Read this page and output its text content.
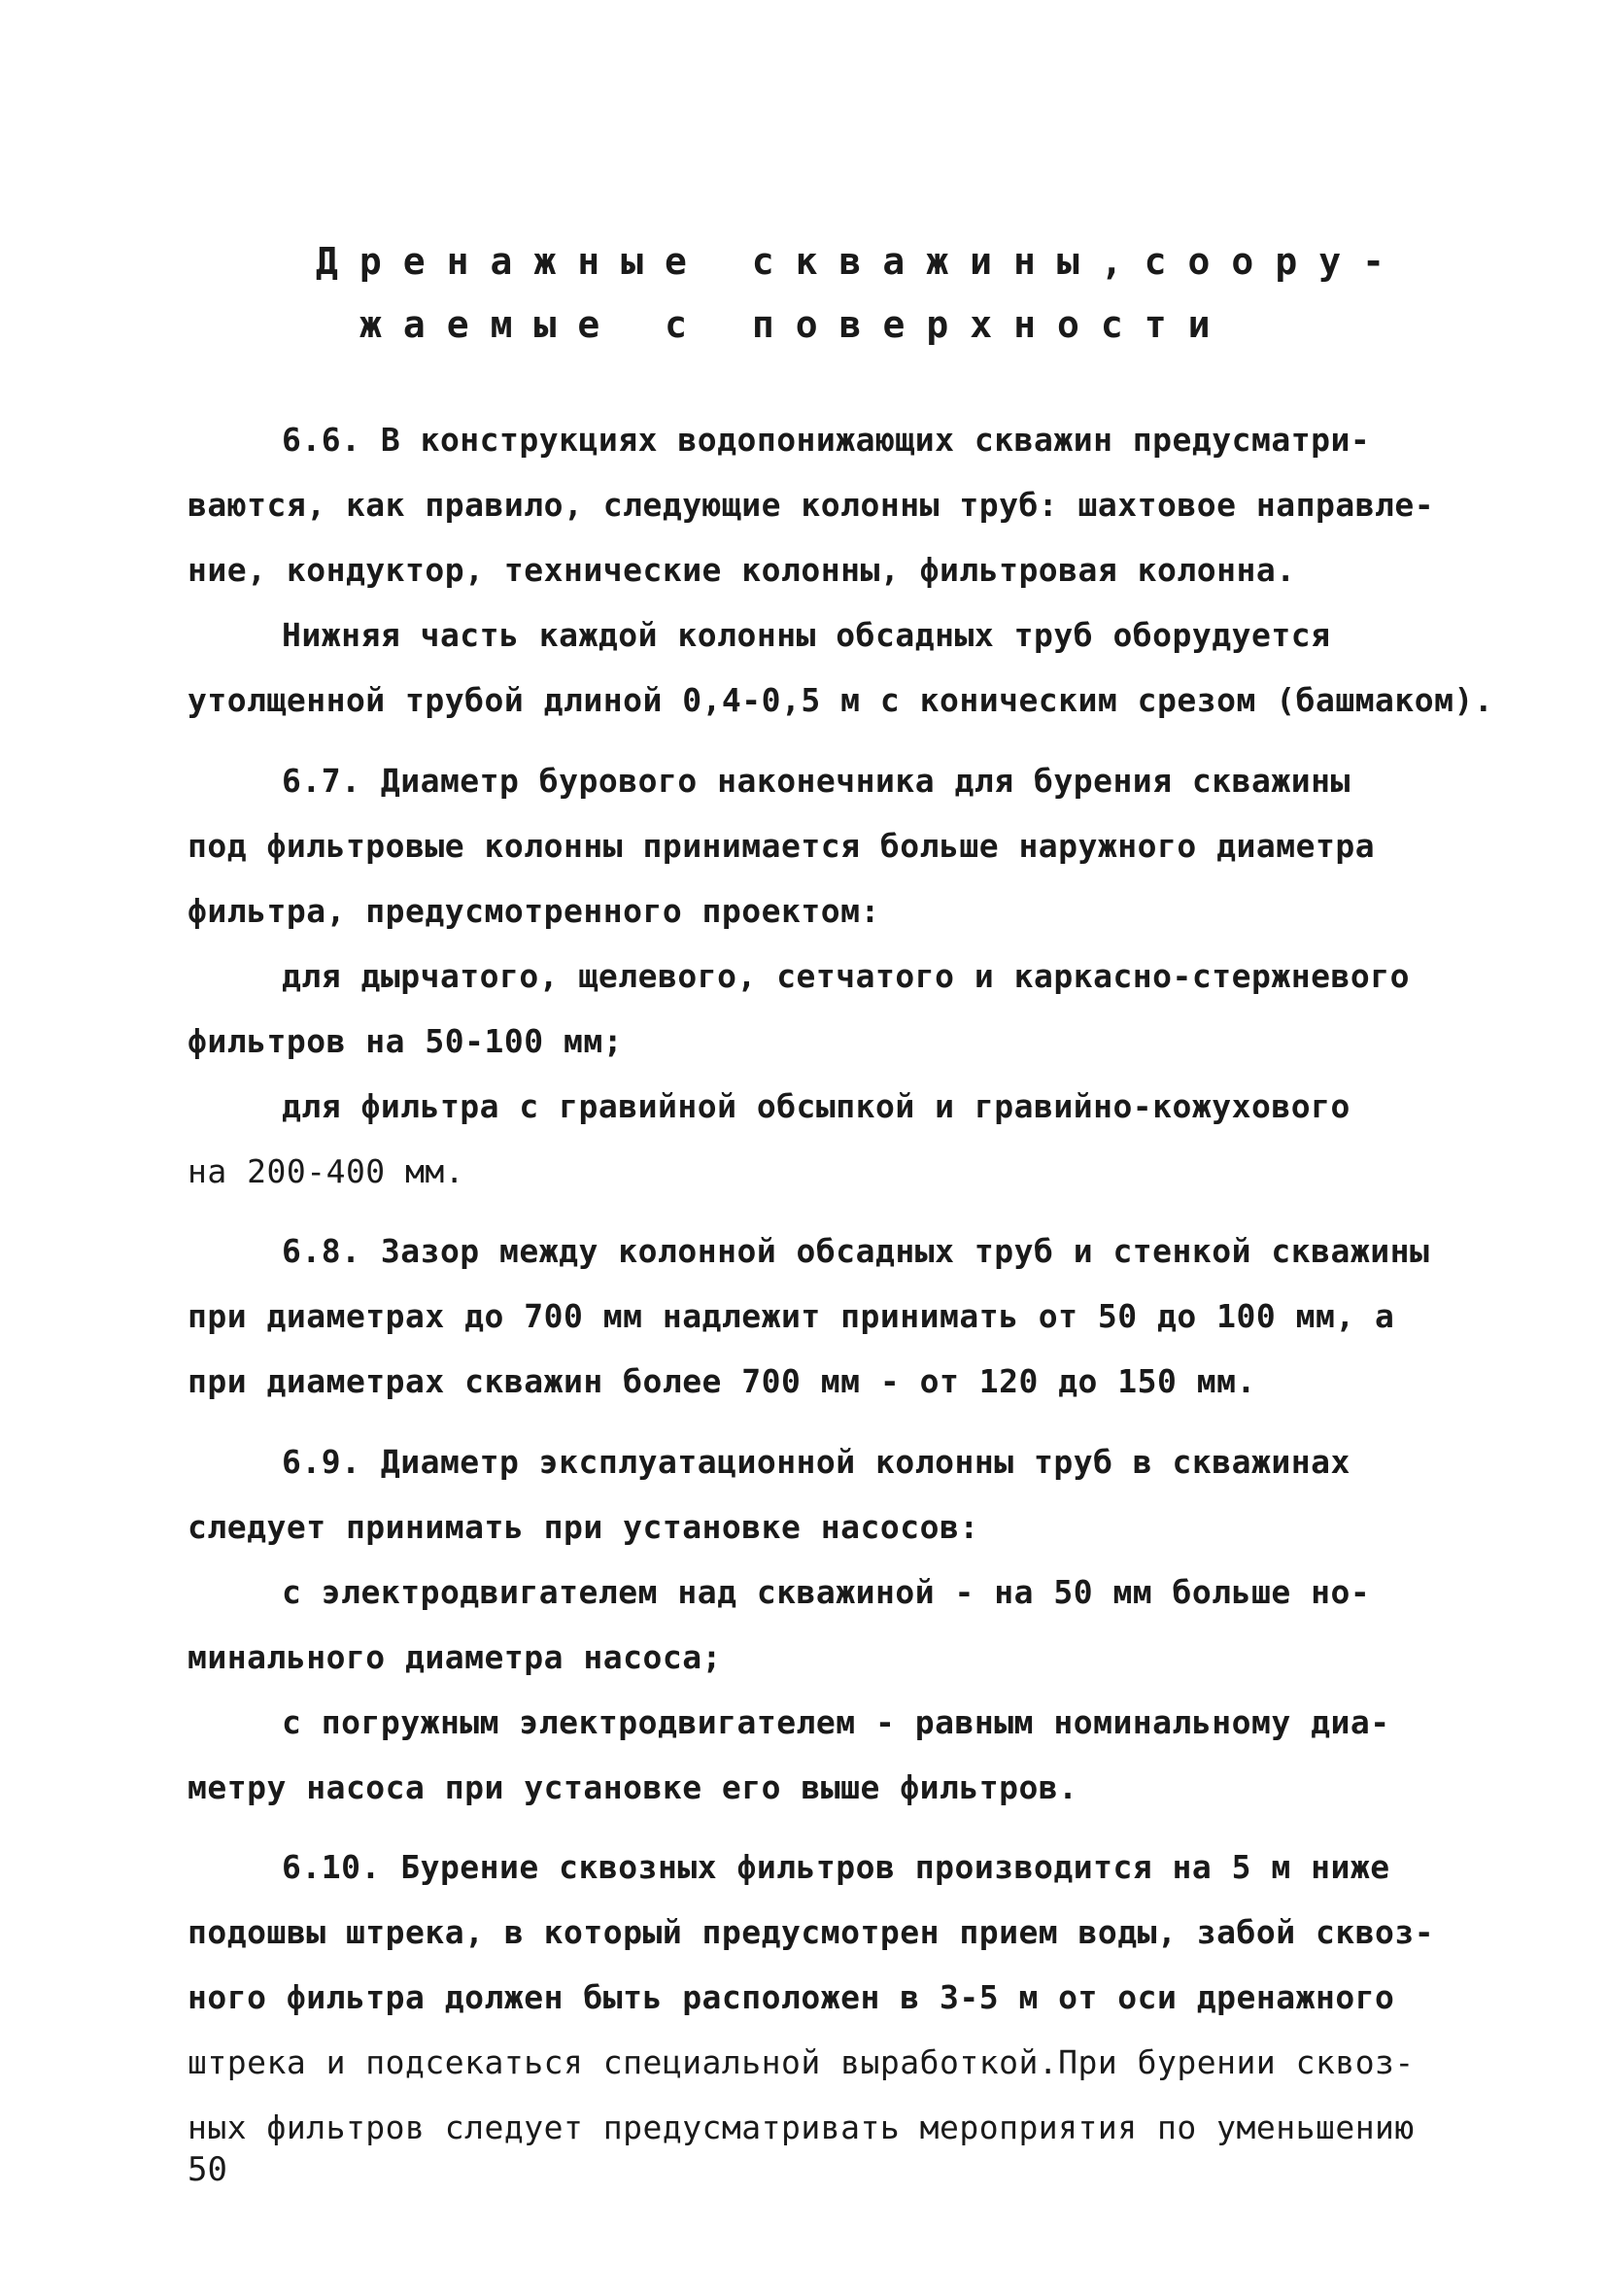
Дренажные скважины,соору-
жаемые с поверхности
6.6. В конструкциях водопонижающих скважин предусматри-
ваются, как правило, следующие колонны труб: шахтовое направле-
ние, кондуктор, технические колонны, фильтровая колонна.
Нижняя часть каждой колонны обсадных труб оборудуется
утолщенной трубой длиной 0,4-0,5 м с коническим срезом (башмаком).
6.7. Диаметр бурового наконечника для бурения скважины
под фильтровые колонны принимается больше наружного диаметра
фильтра, предусмотренного проектом:
для дырчатого, щелевого, сетчатого и каркасно-стержневого
фильтров на 50-100 мм;
для фильтра с гравийной обсыпкой и гравийно-кожухового
на 200-400 мм.
6.8. Зазор между колонной обсадных труб и стенкой скважины
при диаметрах до 700 мм надлежит принимать от 50 до 100 мм, а
при диаметрах скважин более 700 мм - от 120 до 150 мм.
6.9. Диаметр эксплуатационной колонны труб в скважинах
следует принимать при установке насосов:
с электродвигателем над скважиной - на 50 мм больше но-
минального диаметра насоса;
с погружным электродвигателем - равным номинальному диа-
метру насоса при установке его выше фильтров.
6.10. Бурение сквозных фильтров производится на 5 м ниже
подошвы штрека, в который предусмотрен прием воды, забой сквоз-
ного фильтра должен быть расположен в 3-5 м от оси дренажного
штрека и подсекаться специальной выработкой.При бурении сквоз-
ных фильтров следует предусматривать мероприятия по уменьшению
50
